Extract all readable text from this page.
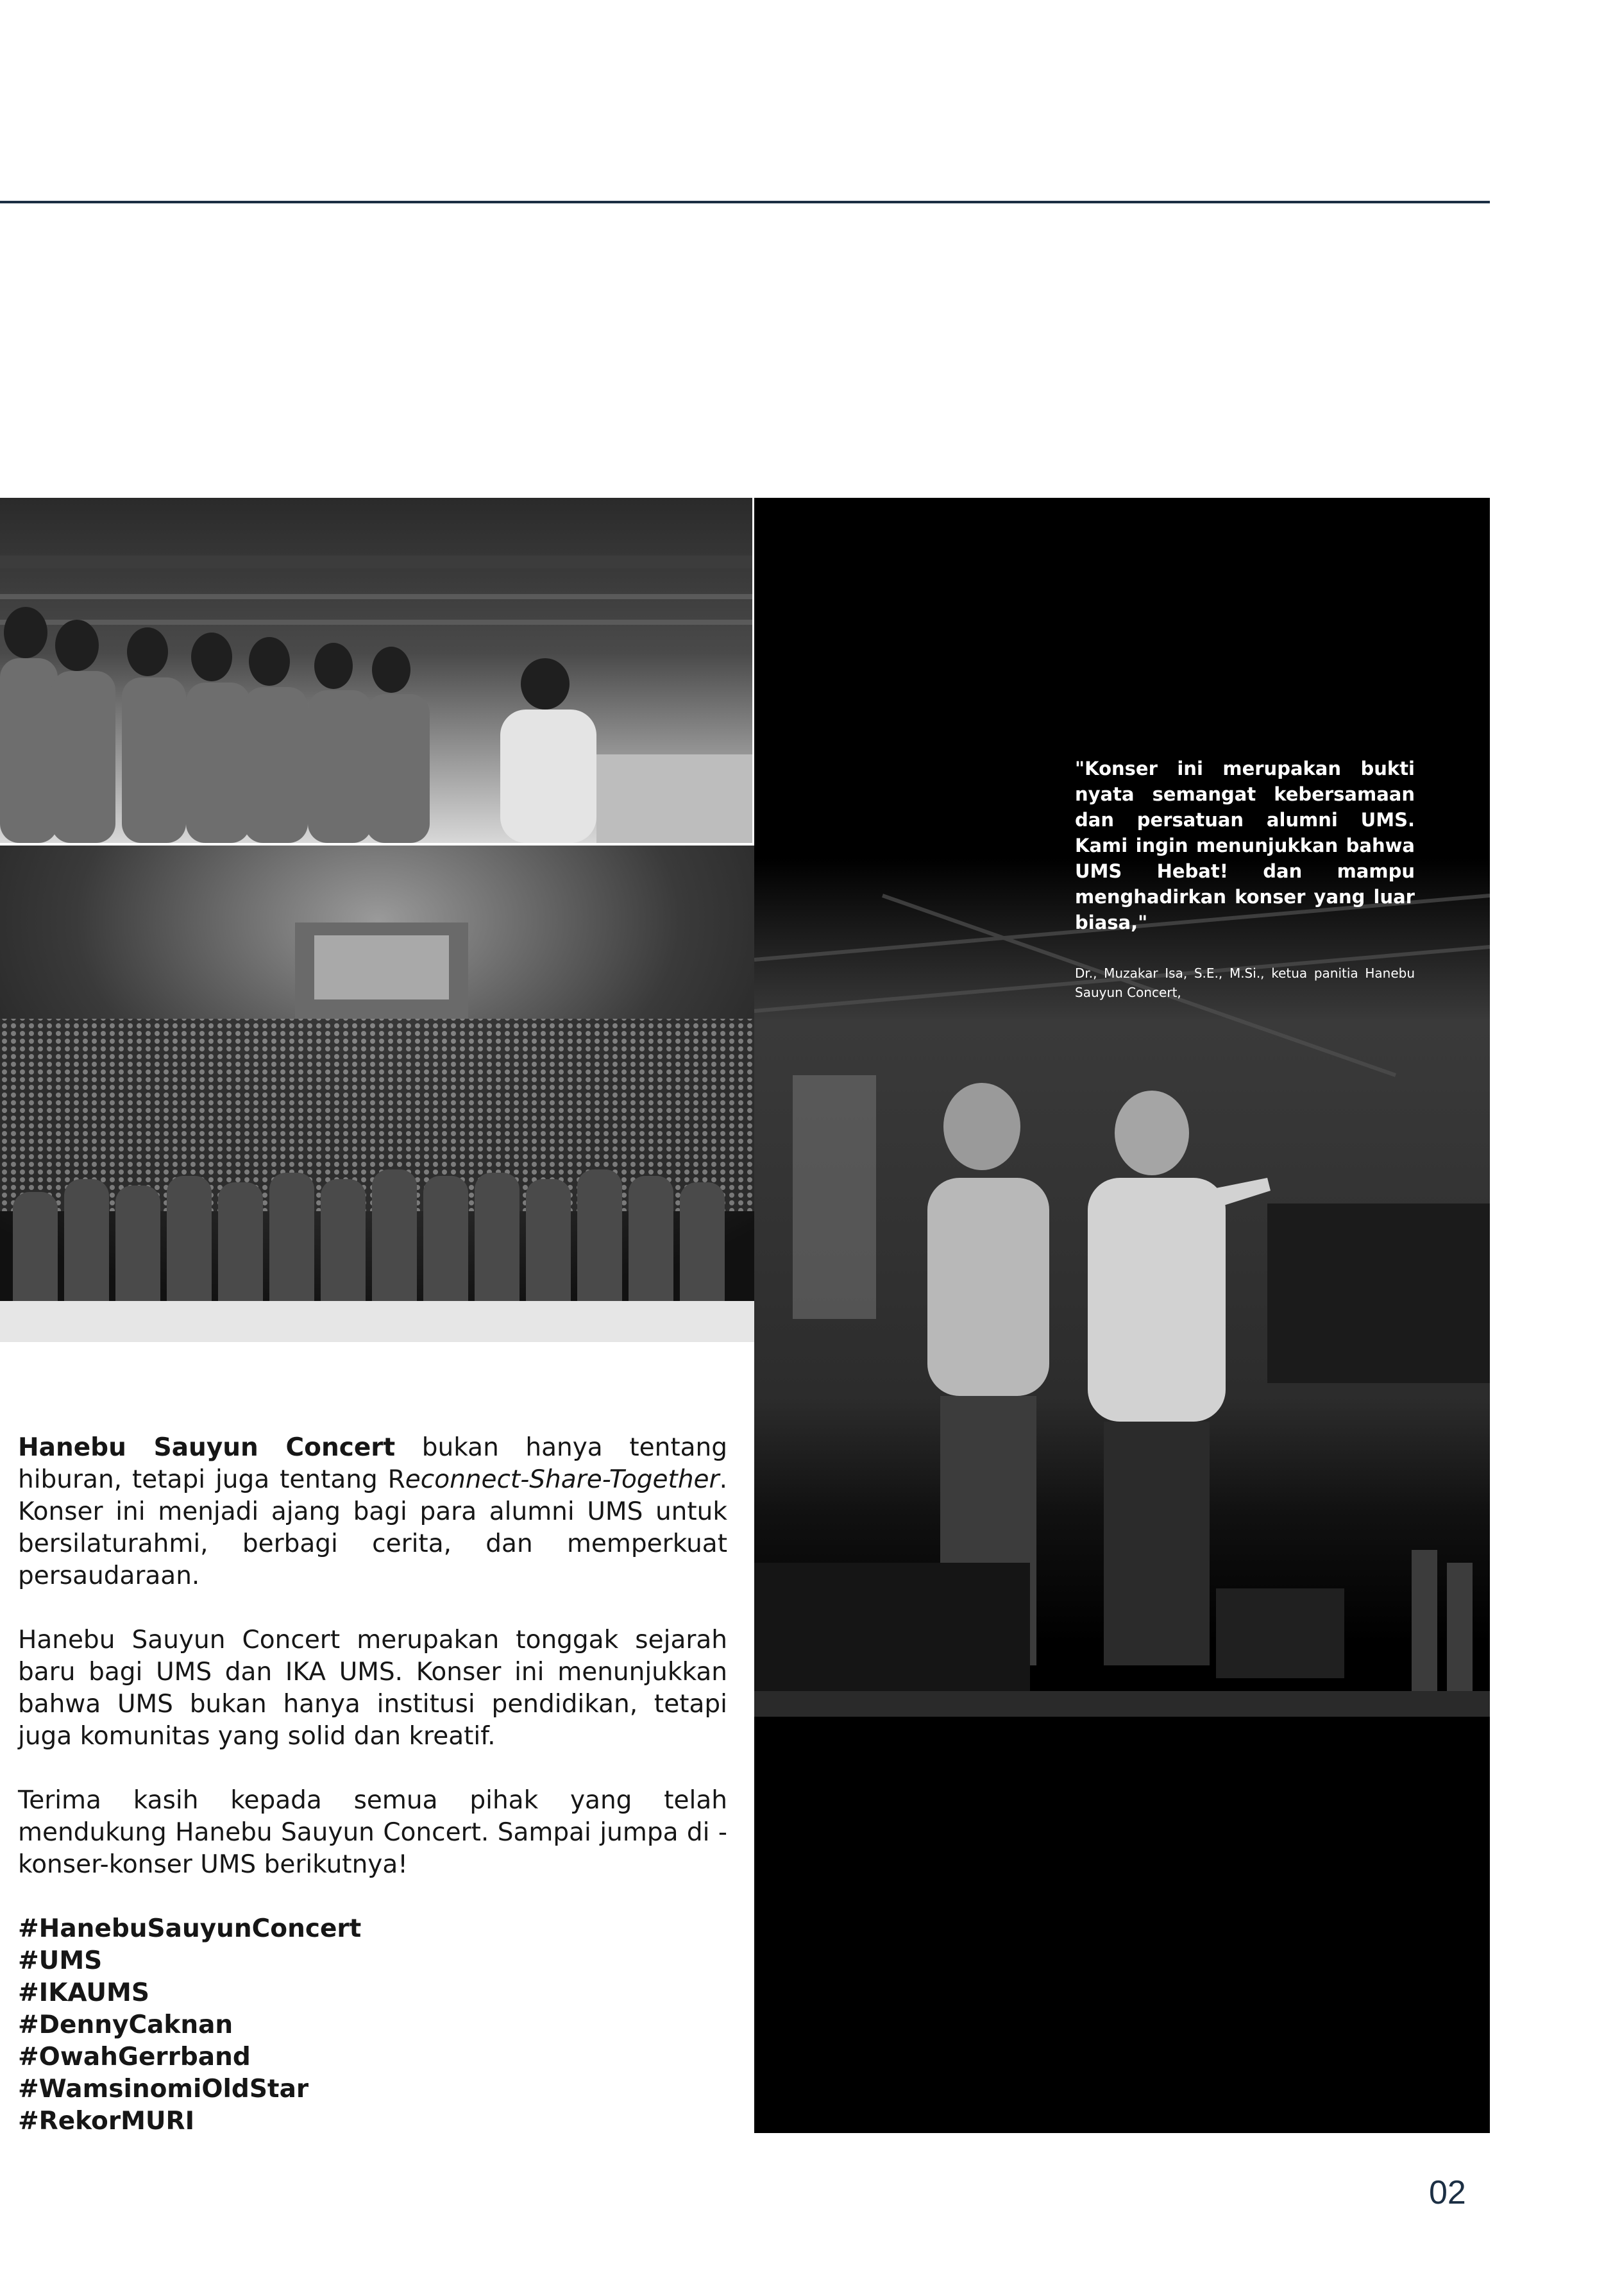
"Konser ini merupakan bukti nyata semangat kebersamaan dan persatuan alumni UMS. Kami ingin menunjukkan bahwa UMS Hebat! dan mampu menghadirkan konser yang luar biasa,"

Dr., Muzakar Isa, S.E., M.Si., ketua panitia Hanebu Sauyun Concert,

Hanebu Sauyun Concert bukan hanya tentang hiburan, tetapi juga tentang Reconnect-Share-Together. Konser ini menjadi ajang bagi para alumni UMS untuk bersilaturahmi, berbagi cerita, dan memperkuat persaudaraan.

Hanebu Sauyun Concert merupakan tonggak sejarah baru bagi UMS dan IKA UMS. Konser ini menunjukkan bahwa UMS bukan hanya institusi pendidikan, tetapi juga komunitas yang solid dan kreatif.

Terima kasih kepada semua pihak yang telah mendukung Hanebu Sauyun Concert. Sampai jumpa di - konser-konser UMS berikutnya!

#HanebuSauyunConcert
#UMS
#IKAUMS
#DennyCaknan
#OwahGerrband
#WamsinomiOldStar
#RekorMURI
02
